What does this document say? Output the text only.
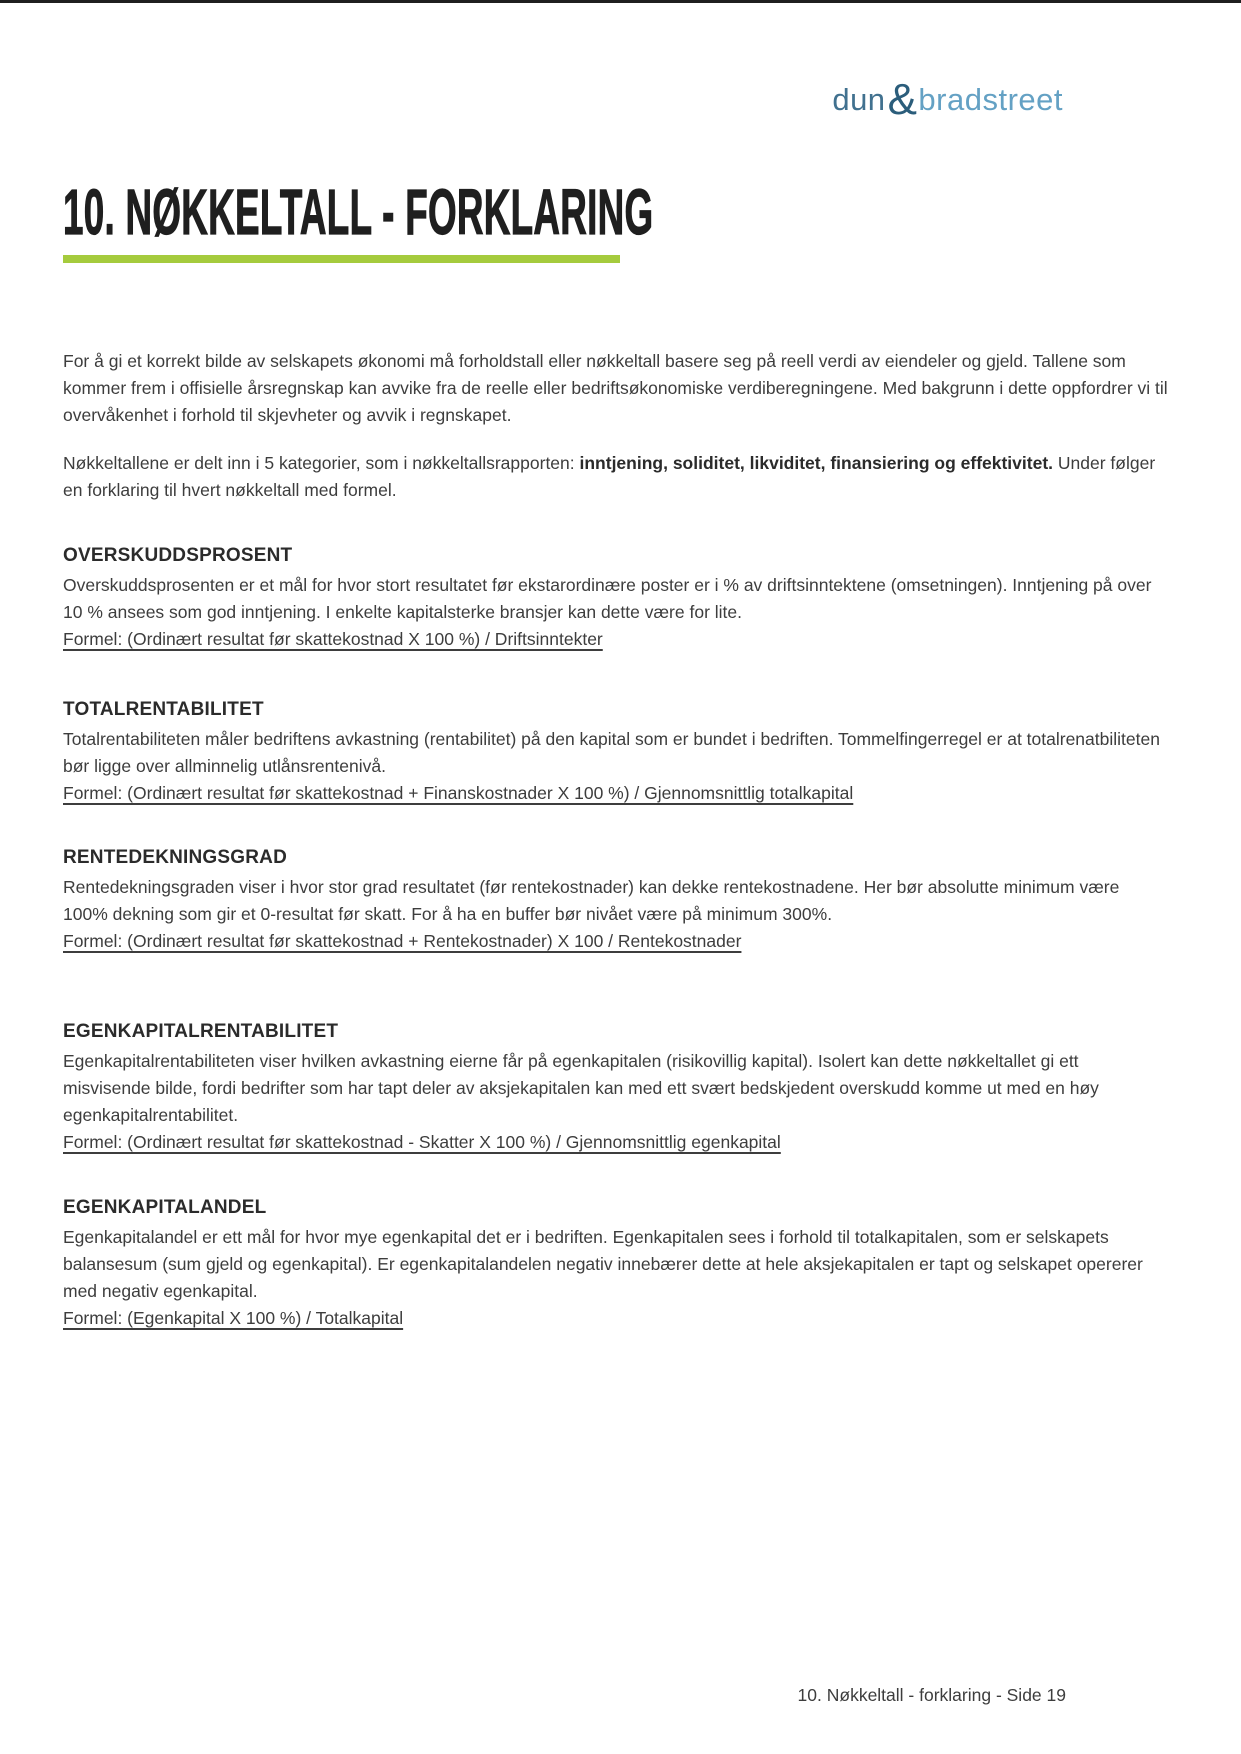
dun&bradstreet
10. NØKKELTALL - FORKLARING

For å gi et korrekt bilde av selskapets økonomi må forholdstall eller nøkkeltall basere seg på reell verdi av eiendeler og gjeld. Tallene som kommer frem i offisielle årsregnskap kan avvike fra de reelle eller bedriftsøkonomiske verdiberegningene. Med bakgrunn i dette oppfordrer vi til overvåkenhet i forhold til skjevheter og avvik i regnskapet.

Nøkkeltallene er delt inn i 5 kategorier, som i nøkkeltallsrapporten: inntjening, soliditet, likviditet, finansiering og effektivitet. Under følger en forklaring til hvert nøkkeltall med formel.

OVERSKUDDSPROSENT

Overskuddsprosenten er et mål for hvor stort resultatet før ekstarordinære poster er i % av driftsinntektene (omsetningen). Inntjening på over 10 % ansees som god inntjening. I enkelte kapitalsterke bransjer kan dette være for lite.

Formel: (Ordinært resultat før skattekostnad X 100 %) / Driftsinntekter

TOTALRENTABILITET

Totalrentabiliteten måler bedriftens avkastning (rentabilitet) på den kapital som er bundet i bedriften. Tommelfingerregel er at totalrenatbiliteten bør ligge over allminnelig utlånsrentenivå.

Formel: (Ordinært resultat før skattekostnad + Finanskostnader X 100 %) / Gjennomsnittlig totalkapital

RENTEDEKNINGSGRAD

Rentedekningsgraden viser i hvor stor grad resultatet (før rentekostnader) kan dekke rentekostnadene. Her bør absolutte minimum være 100% dekning som gir et 0-resultat før skatt. For å ha en buffer bør nivået være på minimum 300%.

Formel: (Ordinært resultat før skattekostnad + Rentekostnader) X 100 / Rentekostnader

EGENKAPITALRENTABILITET

Egenkapitalrentabiliteten viser hvilken avkastning eierne får på egenkapitalen (risikovillig kapital). Isolert kan dette nøkkeltallet gi ett misvisende bilde, fordi bedrifter som har tapt deler av aksjekapitalen kan med ett svært bedskjedent overskudd komme ut med en høy egenkapitalrentabilitet.

Formel: (Ordinært resultat før skattekostnad - Skatter X 100 %) / Gjennomsnittlig egenkapital

EGENKAPITALANDEL

Egenkapitalandel er ett mål for hvor mye egenkapital det er i bedriften. Egenkapitalen sees i forhold til totalkapitalen, som er selskapets balansesum (sum gjeld og egenkapital). Er egenkapitalandelen negativ innebærer dette at hele aksjekapitalen er tapt og selskapet opererer med negativ egenkapital.

Formel: (Egenkapital X 100 %) / Totalkapital

10. Nøkkeltall - forklaring - Side 19
